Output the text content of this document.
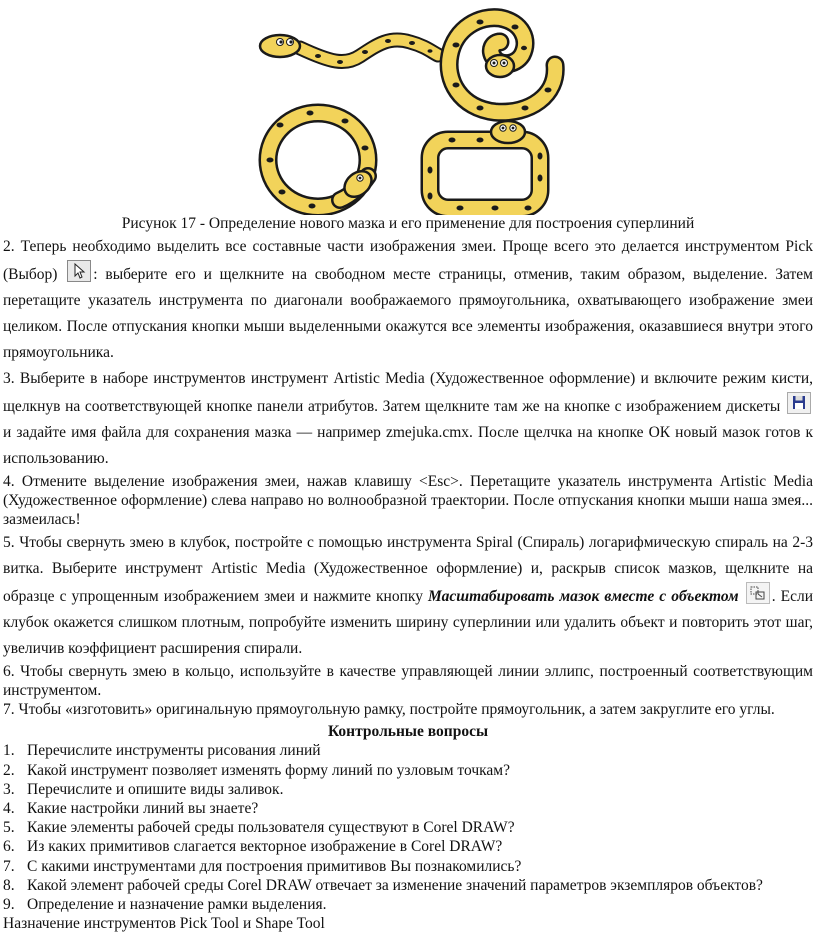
Рисунок 17 - Определение нового мазка и его применение для построения суперлиний

2. Теперь необходимо выделить все составные части изображения змеи. Проще всего это делается инструментом Pick (Выбор) : выберите его и щелкните на свободном месте страницы, отменив, таким образом, выделение. Затем перетащите указатель инструмента по диагонали воображаемого прямоугольника, охватывающего изображение змеи целиком. После отпускания кнопки мыши выделенными окажутся все элементы изображения, оказавшиеся внутри этого прямоугольника.

3. Выберите в наборе инструментов инструмент Artistic Media (Художественное оформление) и включите режим кисти, щелкнув на соответствующей кнопке панели атрибутов. Затем щелкните там же на кнопке с изображением дискеты
и задайте имя файла для сохранения мазка — например zmejuka.cmx. После щелчка на кнопке ОК новый мазок готов к использованию.

4. Отмените выделение изображения змеи, нажав клавишу <Esc>. Перетащите указатель инструмента Artistic Media (Художественное оформление) слева направо но волнообразной траектории. После отпускания кнопки мыши наша змея... зазмеилась!

5. Чтобы свернуть змею в клубок, постройте с помощью инструмента Spiral (Спираль) логарифмическую спираль на 2-3 витка. Выберите инструмент Artistic Media (Художественное оформление) и, раскрыв список мазков, щелкните на образце с упрощенным изображением змеи и нажмите кнопку Масштабировать мазок вместе с объектом . Если клубок окажется слишком плотным, попробуйте изменить ширину суперлинии или удалить объект и повторить этот шаг, увеличив коэффициент расширения спирали.

6. Чтобы свернуть змею в кольцо, используйте в качестве управляющей линии эллипс, построенный соответствующим инструментом.

7. Чтобы «изготовить» оригинальную прямоугольную рамку, постройте прямоугольник, а затем закруглите его углы.

Контрольные вопросы

1. Перечислите инструменты рисования линий
2. Какой инструмент позволяет изменять форму линий по узловым точкам?
3. Перечислите и опишите виды заливок.
4. Какие настройки линий вы знаете?
5. Какие элементы рабочей среды пользователя существуют в Corel DRAW?
6. Из каких примитивов слагается векторное изображение в Corel DRAW?
7. С какими инструментами для построения примитивов Вы познакомились?
8. Какой элемент рабочей среды Corel DRAW отвечает за изменение значений параметров экземпляров объектов?
9. Определение и назначение рамки выделения.

Назначение инструментов Pick Tool и Shape Tool
